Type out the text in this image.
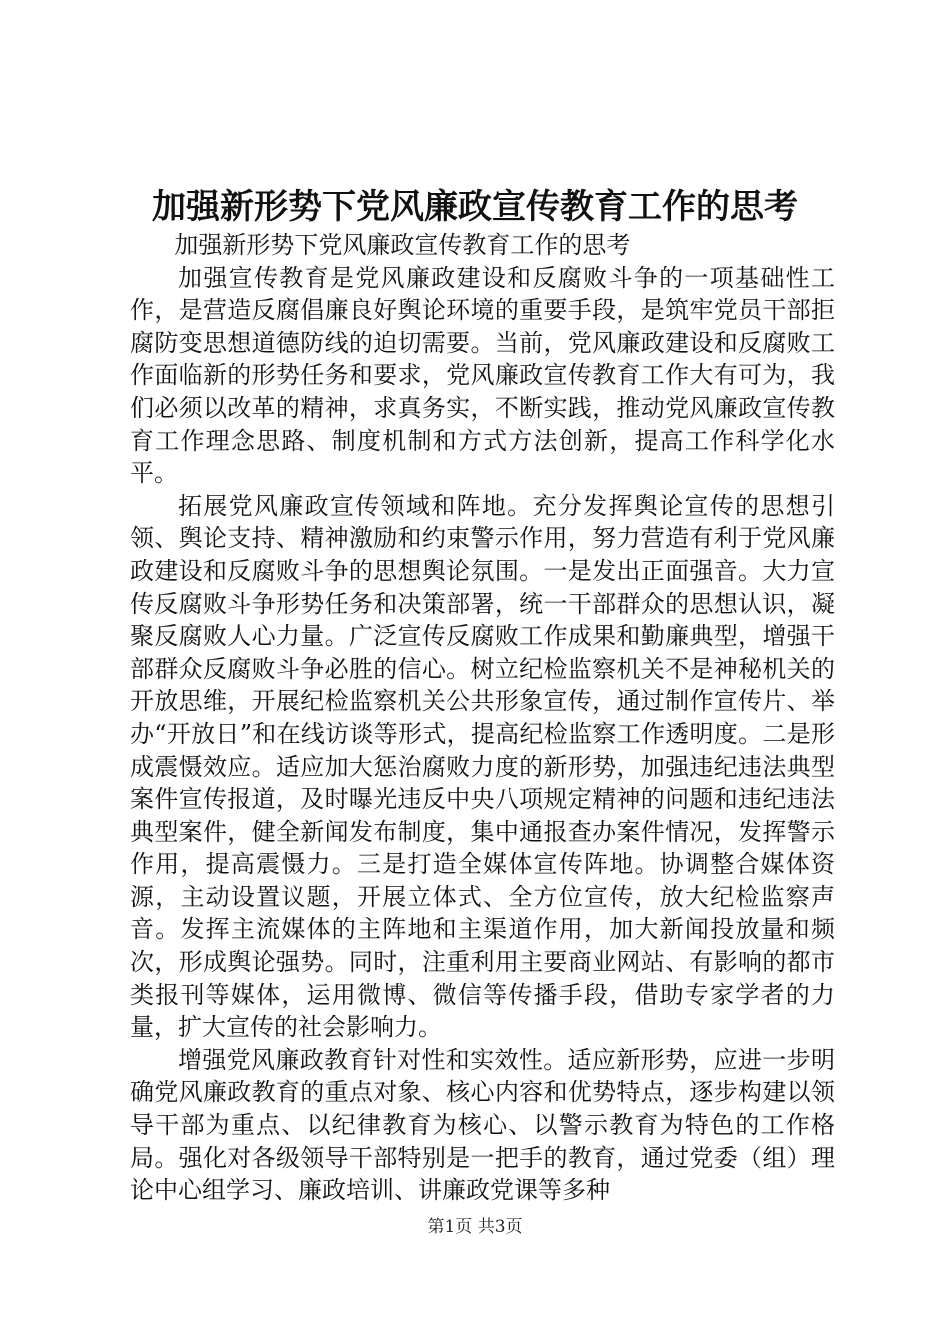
加强新形势下党风廉政宣传教育工作的思考

加强新形势下党风廉政宣传教育工作的思考

加强宣传教育是党风廉政建设和反腐败斗争的一项基础性工作，是营造反腐倡廉良好舆论环境的重要手段，是筑牢党员干部拒腐防变思想道德防线的迫切需要。当前，党风廉政建设和反腐败工作面临新的形势任务和要求，党风廉政宣传教育工作大有可为，我们必须以改革的精神，求真务实，不断实践，推动党风廉政宣传教育工作理念思路、制度机制和方式方法创新，提高工作科学化水平。

拓展党风廉政宣传领域和阵地。充分发挥舆论宣传的思想引领、舆论支持、精神激励和约束警示作用，努力营造有利于党风廉政建设和反腐败斗争的思想舆论氛围。一是发出正面强音。大力宣传反腐败斗争形势任务和决策部署，统一干部群众的思想认识，凝聚反腐败人心力量。广泛宣传反腐败工作成果和勤廉典型，增强干部群众反腐败斗争必胜的信心。树立纪检监察机关不是神秘机关的开放思维，开展纪检监察机关公共形象宣传，通过制作宣传片、举办“开放日”和在线访谈等形式，提高纪检监察工作透明度。二是形成震慑效应。适应加大惩治腐败力度的新形势，加强违纪违法典型案件宣传报道，及时曝光违反中央八项规定精神的问题和违纪违法典型案件，健全新闻发布制度，集中通报查办案件情况，发挥警示作用，提高震慑力。三是打造全媒体宣传阵地。协调整合媒体资源，主动设置议题，开展立体式、全方位宣传，放大纪检监察声音。发挥主流媒体的主阵地和主渠道作用，加大新闻投放量和频次，形成舆论强势。同时，注重利用主要商业网站、有影响的都市类报刊等媒体，运用微博、微信等传播手段，借助专家学者的力量，扩大宣传的社会影响力。

增强党风廉政教育针对性和实效性。适应新形势，应进一步明确党风廉政教育的重点对象、核心内容和优势特点，逐步构建以领导干部为重点、以纪律教育为核心、以警示教育为特色的工作格局。强化对各级领导干部特别是一把手的教育，通过党委（组）理论中心组学习、廉政培训、讲廉政党课等多种

第1页 共3页
